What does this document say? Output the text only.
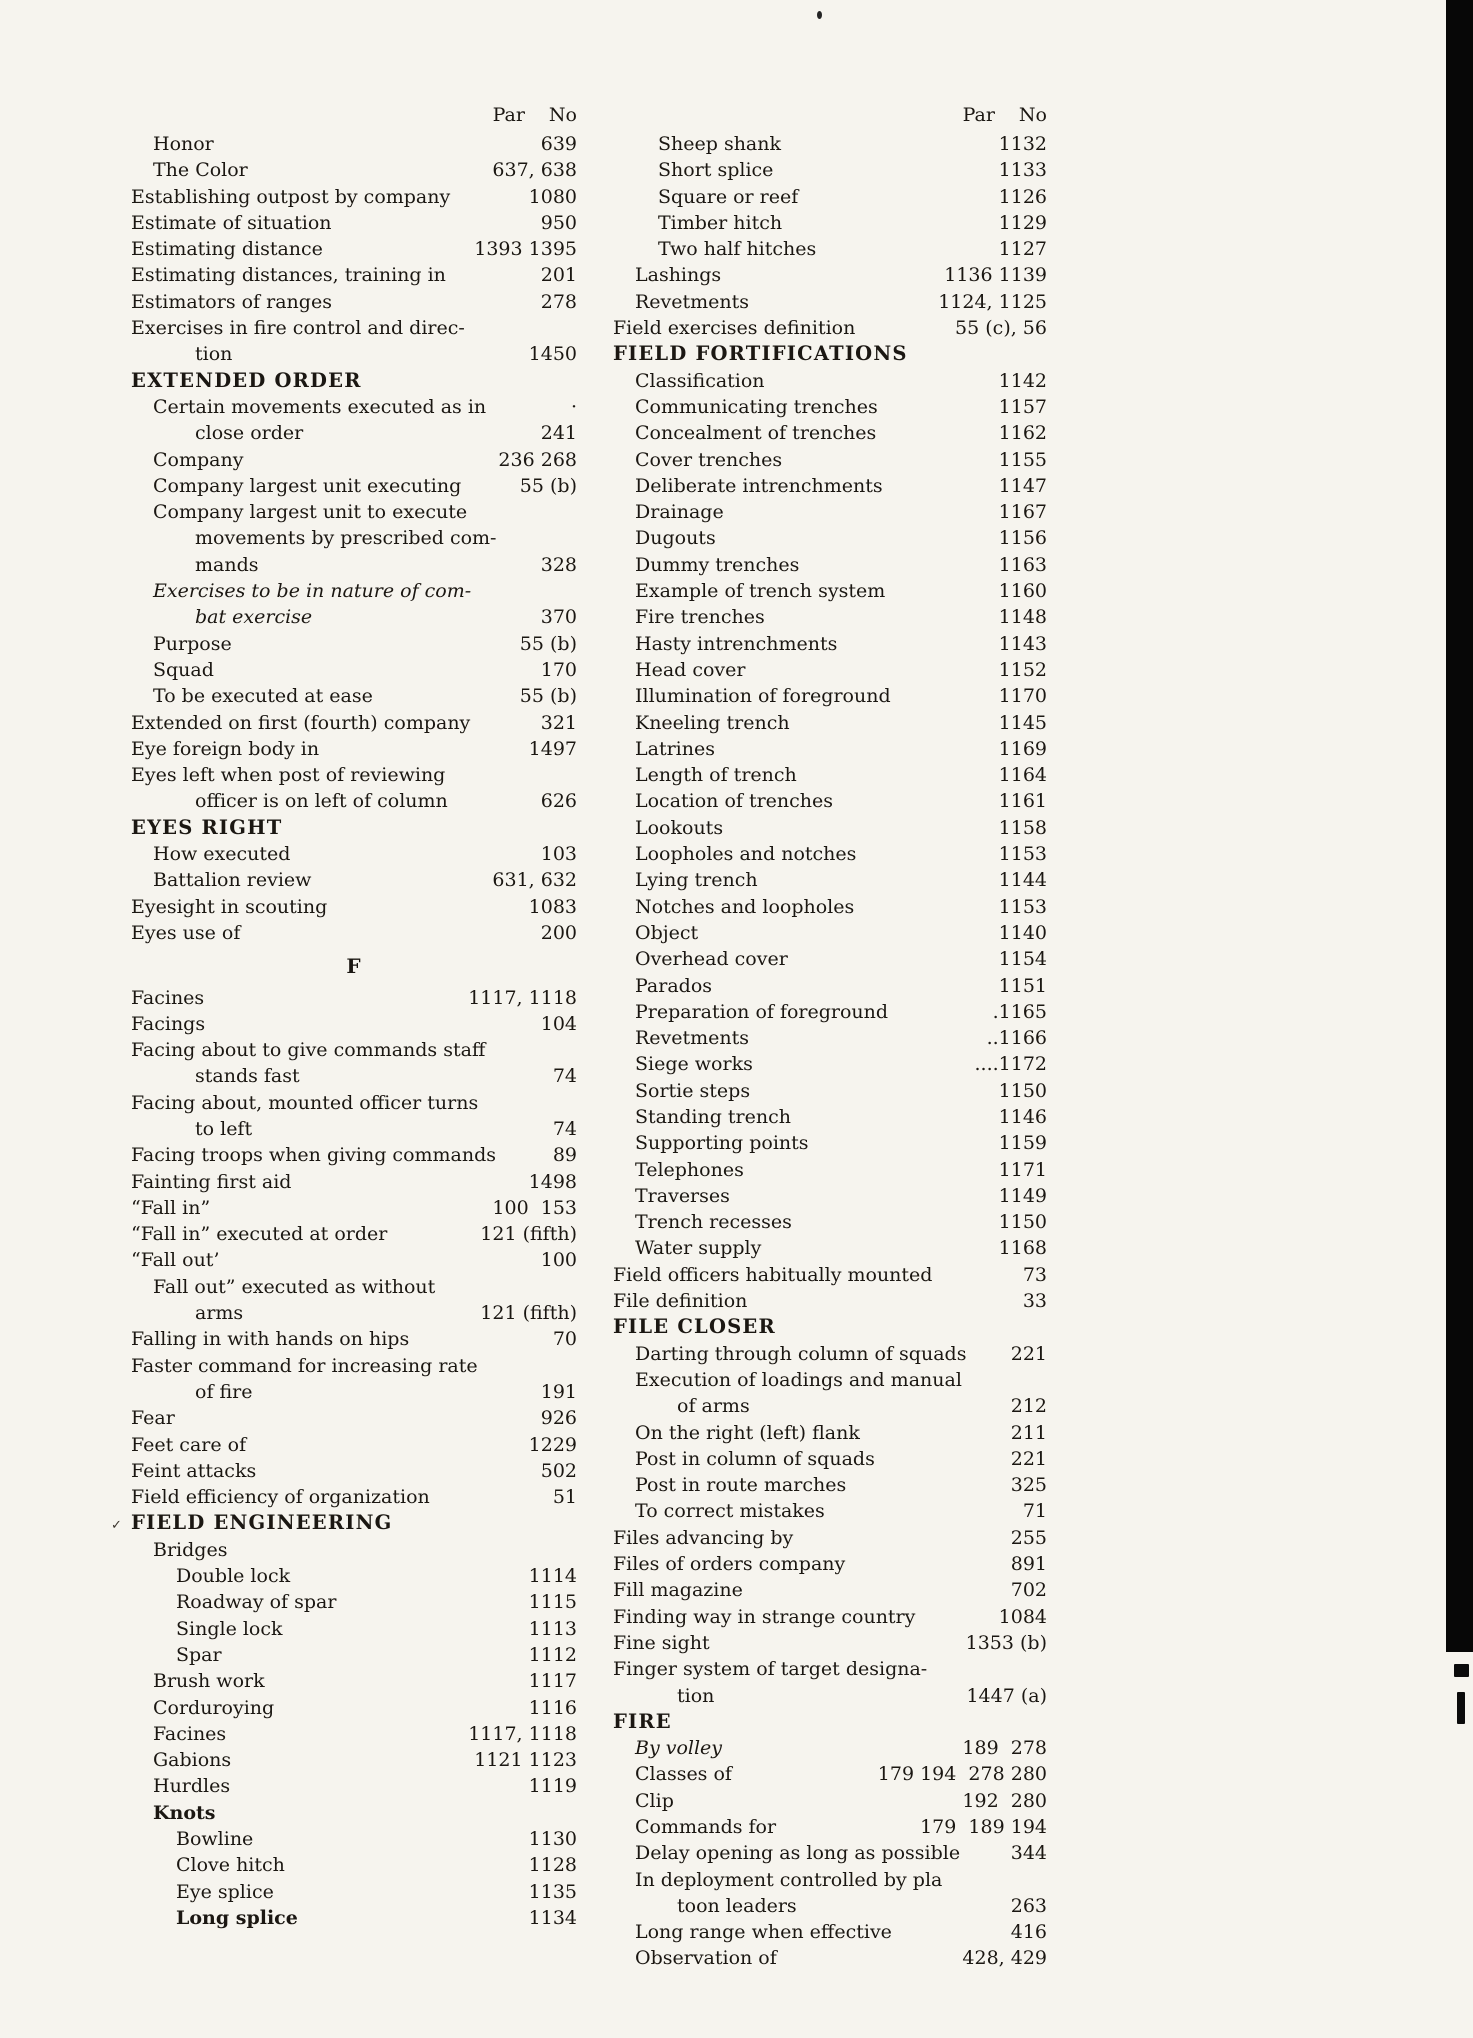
Par No
Honor	639
The Color	637, 638
Establishing outpost by company	1080
Estimate of situation	950
Estimating distance	1393 1395
Estimating distances, training in	201
Estimators of ranges	278
Exercises in fire control and direc-
tion	1450
EXTENDED ORDER
Certain movements executed as in	·
close order	241
Company	236 268
Company largest unit executing	55 (b)
Company largest unit to execute
movements by prescribed com-
mands	328
Exercises to be in nature of com-
bat exercise	370
Purpose	55 (b)
Squad	170
To be executed at ease	55 (b)
Extended on first (fourth) company	321
Eye foreign body in	1497
Eyes left when post of reviewing
officer is on left of column	626
EYES RIGHT
How executed	103
Battalion review	631, 632
Eyesight in scouting	1083
Eyes use of	200
F
Facines	1117, 1118
Facings	104
Facing about to give commands staff
stands fast	74
Facing about, mounted officer turns
to left	74
Facing troops when giving commands	89
Fainting first aid	1498
“Fall in”	100  153
“Fall in” executed at order	121 (fifth)
“Fall out’	100
Fall out” executed as without
arms	121 (fifth)
Falling in with hands on hips	70
Faster command for increasing rate
of fire	191
Fear	926
Feet care of	1229
Feint attacks	502
Field efficiency of organization	51
✓ FIELD ENGINEERING
Bridges
Double lock	1114
Roadway of spar	1115
Single lock	1113
Spar	1112
Brush work	1117
Corduroying	1116
Facines	1117, 1118
Gabions	1121 1123
Hurdles	1119
Knots
Bowline	1130
Clove hitch	1128
Eye splice	1135
Long splice	1134
Par No
Sheep shank	1132
Short splice	1133
Square or reef	1126
Timber hitch	1129
Two half hitches	1127
Lashings	1136 1139
Revetments	1124, 1125
Field exercises definition	55 (c), 56
FIELD FORTIFICATIONS
Classification	1142
Communicating trenches	1157
Concealment of trenches	1162
Cover trenches	1155
Deliberate intrenchments	1147
Drainage	1167
Dugouts	1156
Dummy trenches	1163
Example of trench system	1160
Fire trenches	1148
Hasty intrenchments	1143
Head cover	1152
Illumination of foreground	1170
Kneeling trench	1145
Latrines	1169
Length of trench	1164
Location of trenches	1161
Lookouts	1158
Loopholes and notches	1153
Lying trench	1144
Notches and loopholes	1153
Object	1140
Overhead cover	1154
Parados	1151
Preparation of foreground	.1165
Revetments	..1166
Siege works	....1172
Sortie steps	1150
Standing trench	1146
Supporting points	1159
Telephones	1171
Traverses	1149
Trench recesses	1150
Water supply	1168
Field officers habitually mounted	73
File definition	33
FILE CLOSER
Darting through column of squads	221
Execution of loadings and manual
of arms	212
On the right (left) flank	211
Post in column of squads	221
Post in route marches	325
To correct mistakes	71
Files advancing by	255
Files of orders company	891
Fill magazine	702
Finding way in strange country	1084
Fine sight	1353 (b)
Finger system of target designa-
tion	1447 (a)
FIRE
By volley	189  278
Classes of	179 194  278 280
Clip	192  280
Commands for	179  189 194
Delay opening as long as possible	344
In deployment controlled by pla
toon leaders	263
Long range when effective	416
Observation of	428, 429
